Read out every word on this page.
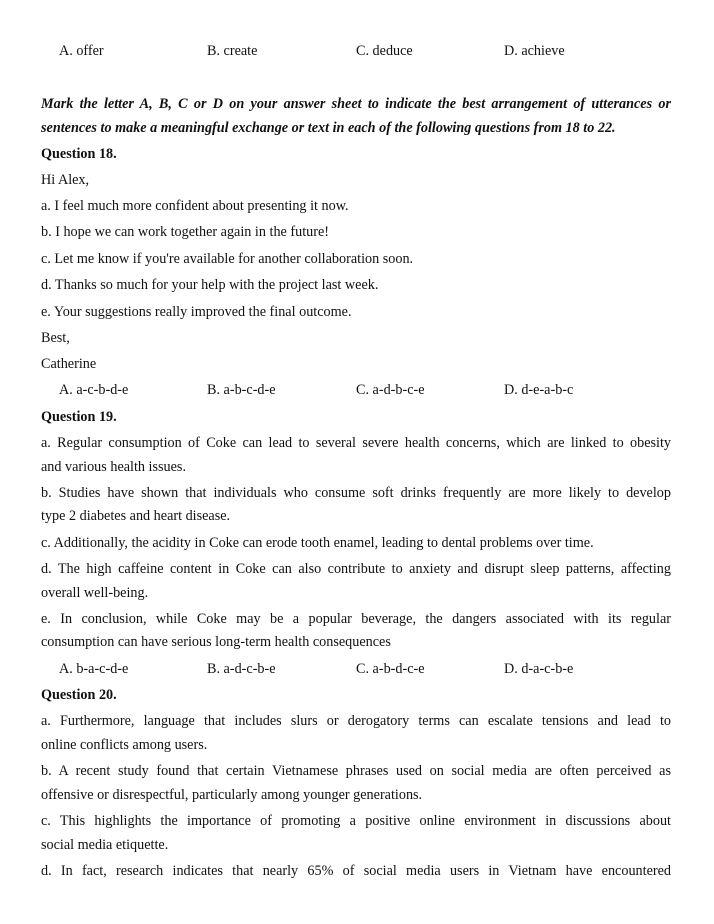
A. offer	B. create	C. deduce	D. achieve
Mark the letter A, B, C or D on your answer sheet to indicate the best arrangement of utterances or
sentences to make a meaningful exchange or text in each of the following questions from 18 to 22.
Question 18.
Hi Alex,
a. I feel much more confident about presenting it now.
b. I hope we can work together again in the future!
c. Let me know if you're available for another collaboration soon.
d. Thanks so much for your help with the project last week.
e. Your suggestions really improved the final outcome.
Best,
Catherine
A. a-c-b-d-e	B. a-b-c-d-e	C. a-d-b-c-e	D. d-e-a-b-c
Question 19.
a. Regular consumption of Coke can lead to several severe health concerns, which are linked to obesity
and various health issues.
b. Studies have shown that individuals who consume soft drinks frequently are more likely to develop
type 2 diabetes and heart disease.
c. Additionally, the acidity in Coke can erode tooth enamel, leading to dental problems over time.
d. The high caffeine content in Coke can also contribute to anxiety and disrupt sleep patterns, affecting
overall well-being.
e. In conclusion, while Coke may be a popular beverage, the dangers associated with its regular
consumption can have serious long-term health consequences
A. b-a-c-d-e	B. a-d-c-b-e	C. a-b-d-c-e	D. d-a-c-b-e
Question 20.
a. Furthermore, language that includes slurs or derogatory terms can escalate tensions and lead to
online conflicts among users.
b. A recent study found that certain Vietnamese phrases used on social media are often perceived as
offensive or disrespectful, particularly among younger generations.
c. This highlights the importance of promoting a positive online environment in discussions about
social media etiquette.
d. In fact, research indicates that nearly 65% of social media users in Vietnam have encountered
